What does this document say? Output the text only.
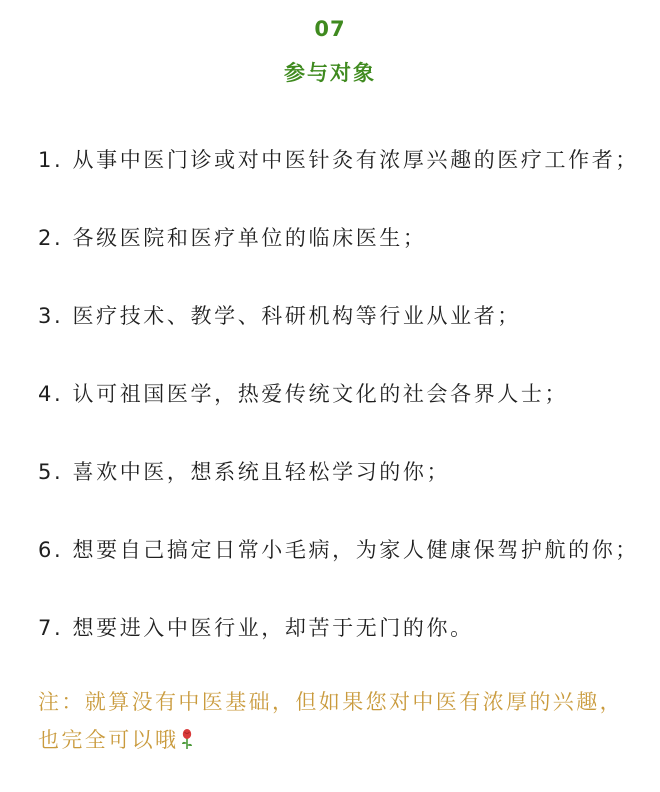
07
参与对象
1. 从事中医门诊或对中医针灸有浓厚兴趣的医疗工作者；
2. 各级医院和医疗单位的临床医生；
3. 医疗技术、教学、科研机构等行业从业者；
4. 认可祖国医学，热爱传统文化的社会各界人士；
5. 喜欢中医，想系统且轻松学习的你；
6. 想要自己搞定日常小毛病，为家人健康保驾护航的你；
7. 想要进入中医行业，却苦于无门的你。
注：就算没有中医基础，但如果您对中医有浓厚的兴趣，
也完全可以哦
